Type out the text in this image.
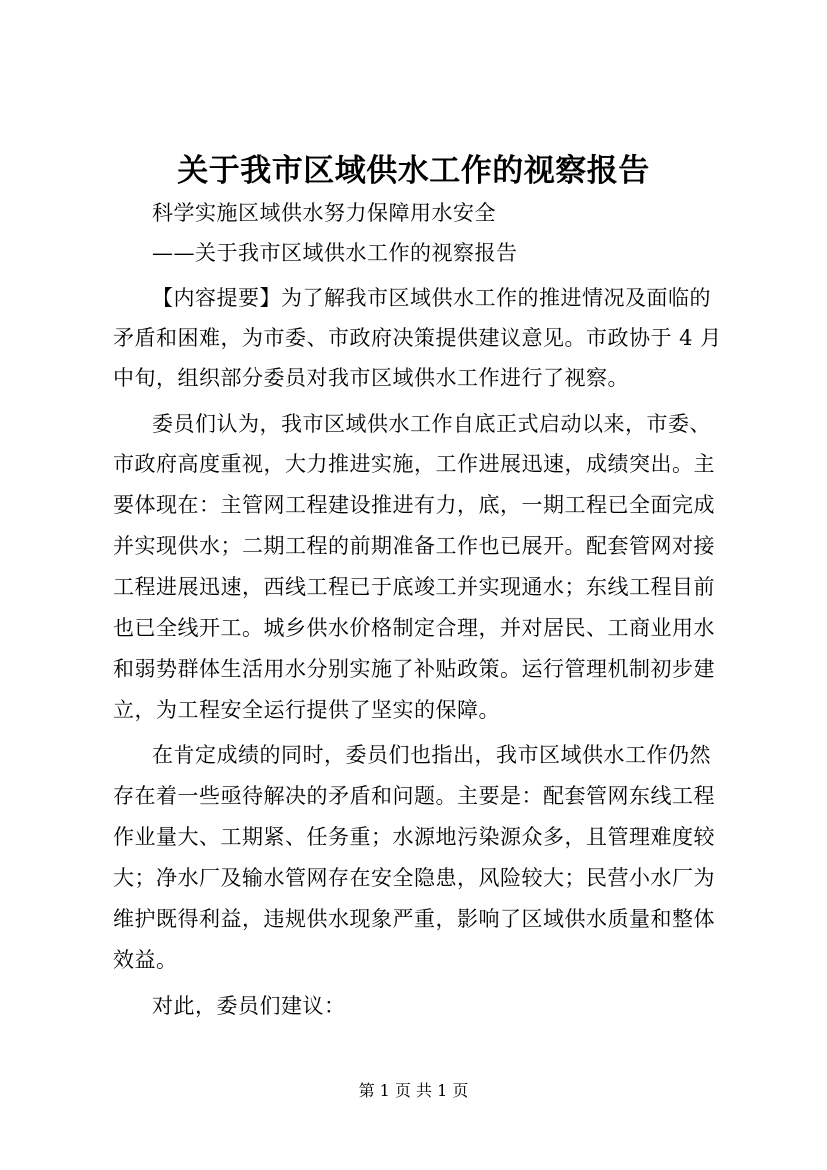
关于我市区域供水工作的视察报告
科学实施区域供水努力保障用水安全
——关于我市区域供水工作的视察报告
【内容提要】为了解我市区域供水工作的推进情况及面临的
矛盾和困难，为市委、市政府决策提供建议意见。市政协于 4 月
中旬，组织部分委员对我市区域供水工作进行了视察。
委员们认为，我市区域供水工作自底正式启动以来，市委、
市政府高度重视，大力推进实施，工作进展迅速，成绩突出。主
要体现在：主管网工程建设推进有力，底，一期工程已全面完成
并实现供水；二期工程的前期准备工作也已展开。配套管网对接
工程进展迅速，西线工程已于底竣工并实现通水；东线工程目前
也已全线开工。城乡供水价格制定合理，并对居民、工商业用水
和弱势群体生活用水分别实施了补贴政策。运行管理机制初步建
立，为工程安全运行提供了坚实的保障。
在肯定成绩的同时，委员们也指出，我市区域供水工作仍然
存在着一些亟待解决的矛盾和问题。主要是：配套管网东线工程
作业量大、工期紧、任务重；水源地污染源众多，且管理难度较
大；净水厂及输水管网存在安全隐患，风险较大；民营小水厂为
维护既得利益，违规供水现象严重，影响了区域供水质量和整体
效益。
对此，委员们建议：
第 1 页 共 1 页
